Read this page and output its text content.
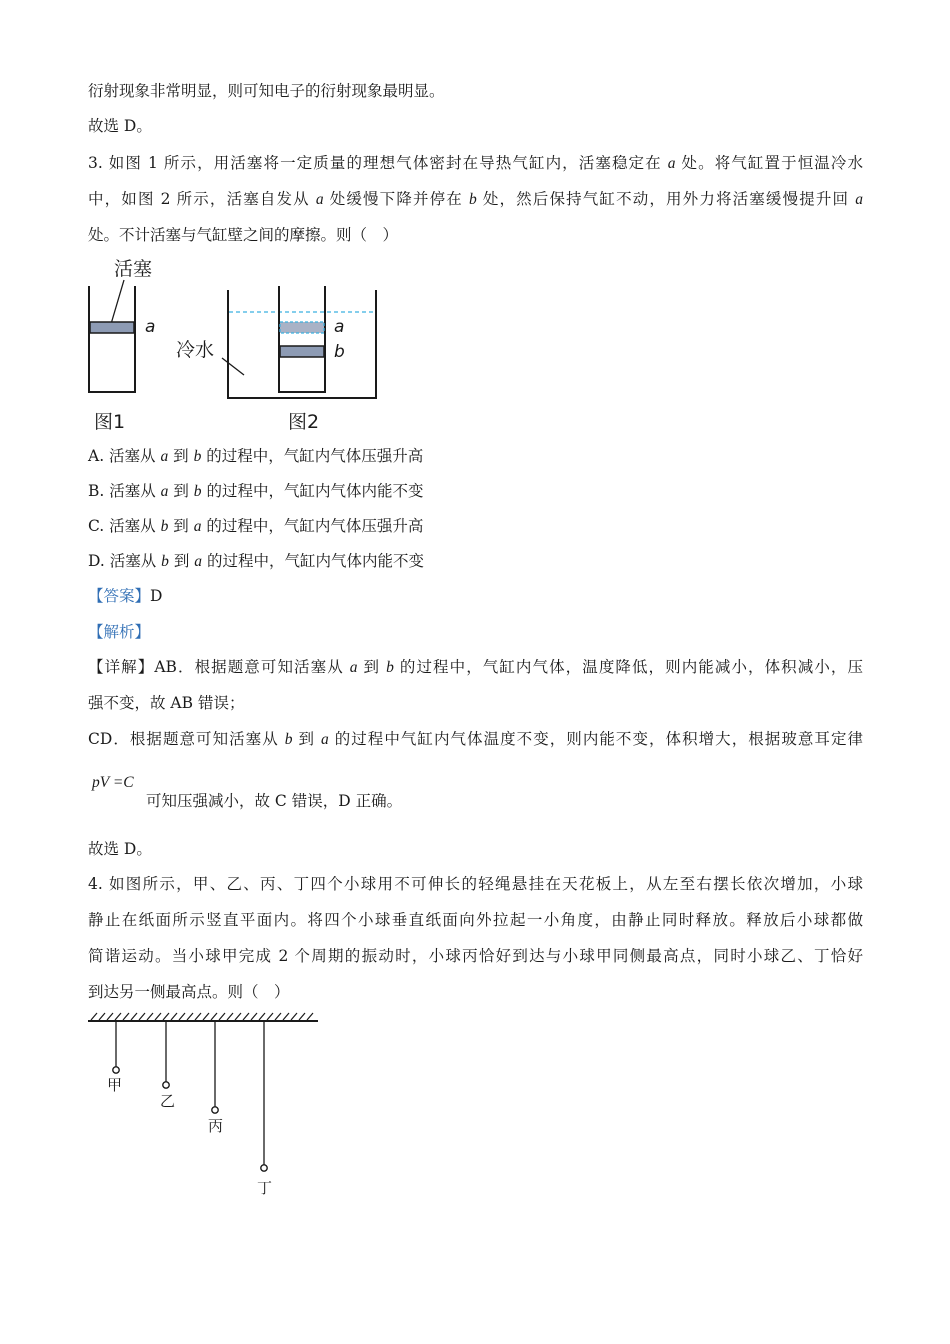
衍射现象非常明显，则可知电子的衍射现象最明显。
故选 D。
3. 如图 1 所示，用活塞将一定质量的理想气体密封在导热气缸内，活塞稳定在 a 处。将气缸置于恒温冷水
中，如图 2 所示，活塞自发从 a 处缓慢下降并停在 b 处，然后保持气缸不动，用外力将活塞缓慢提升回 a
处。不计活塞与气缸壁之间的摩擦。则（　）
活塞
a
图1
a
b
冷水
图2
A. 活塞从 a 到 b 的过程中，气缸内气体压强升高
B. 活塞从 a 到 b 的过程中，气缸内气体内能不变
C. 活塞从 b 到 a 的过程中，气缸内气体压强升高
D. 活塞从 b 到 a 的过程中，气缸内气体内能不变
【答案】D
【解析】
【详解】AB．根据题意可知活塞从 a 到 b 的过程中，气缸内气体，温度降低，则内能减小，体积减小，压
强不变，故 AB 错误；
CD．根据题意可知活塞从 b 到 a 的过程中气缸内气体温度不变，则内能不变，体积增大，根据玻意耳定律
pV =C
可知压强减小，故 C 错误，D 正确。
故选 D。
4. 如图所示，甲、乙、丙、丁四个小球用不可伸长的轻绳悬挂在天花板上，从左至右摆长依次增加，小球
静止在纸面所示竖直平面内。将四个小球垂直纸面向外拉起一小角度，由静止同时释放。释放后小球都做
简谐运动。当小球甲完成 2 个周期的振动时，小球丙恰好到达与小球甲同侧最高点，同时小球乙、丁恰好
到达另一侧最高点。则（　）
甲
乙
丙
丁
